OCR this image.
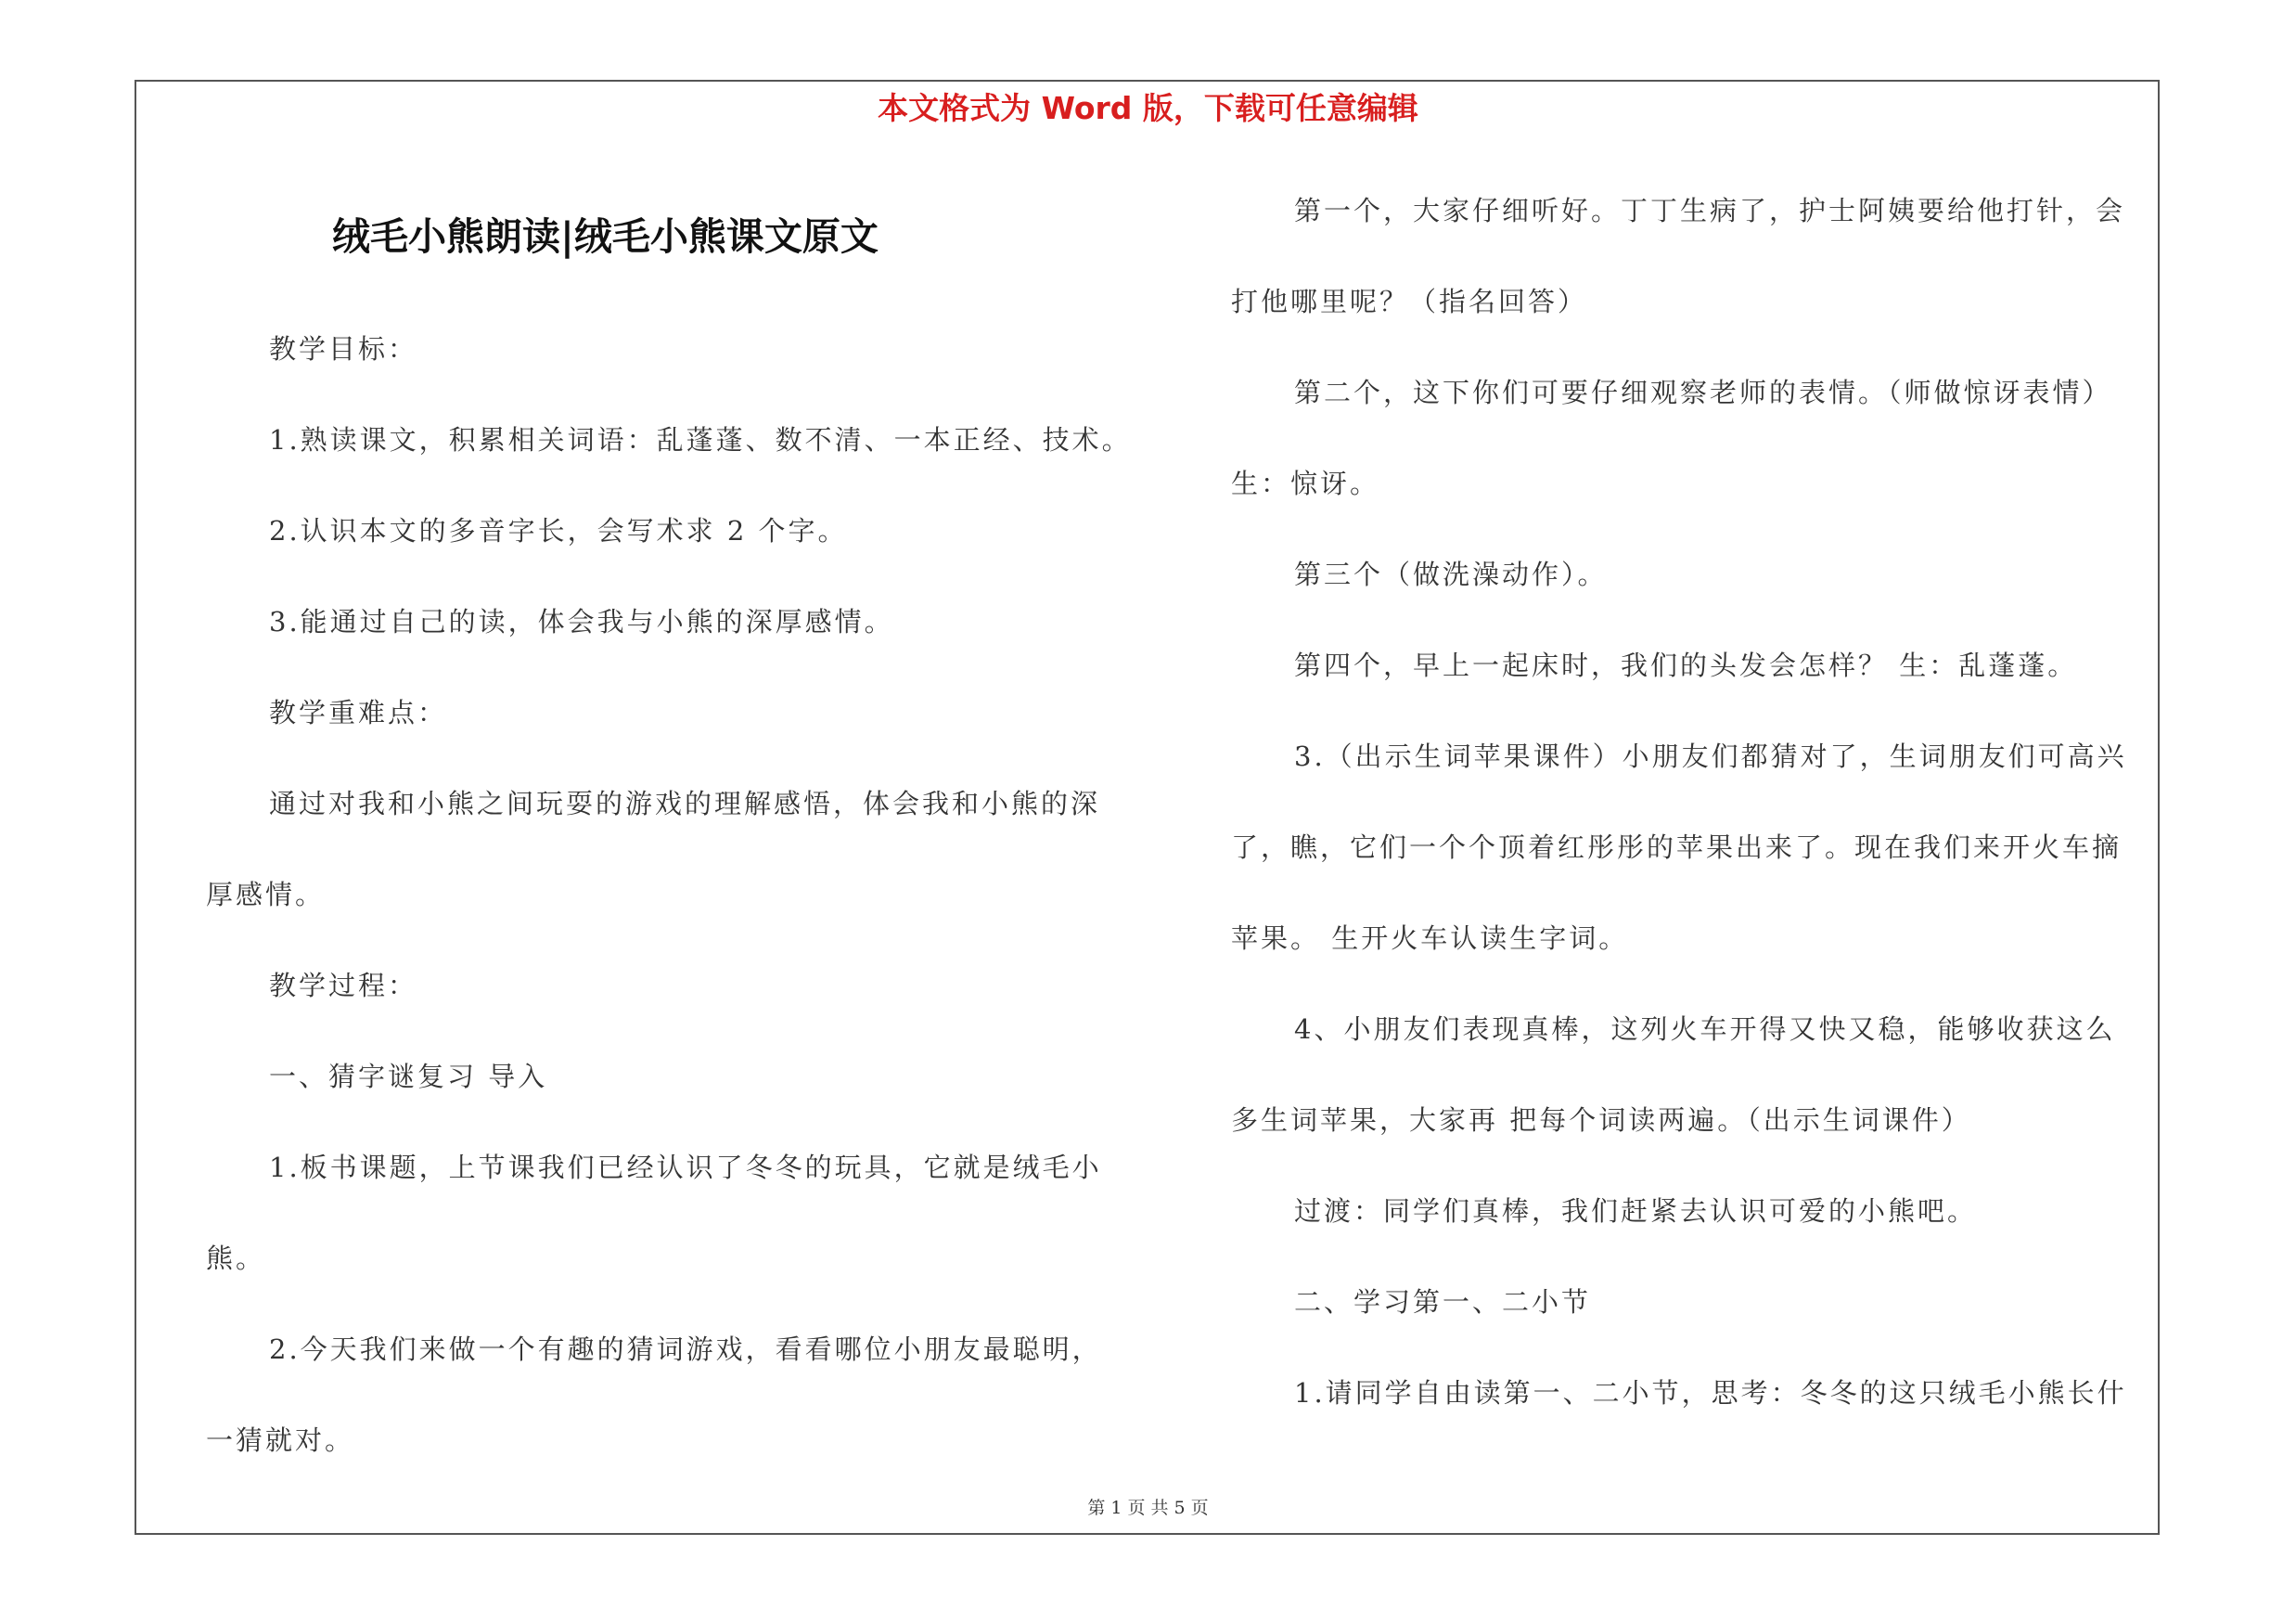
本文格式为 Word 版，下载可任意编辑
绒毛小熊朗读|绒毛小熊课文原文

教学目标：

1.熟读课文，积累相关词语：乱蓬蓬、数不清、一本正经、技术。

2.认识本文的多音字长，会写术求 2 个字。

3.能通过自己的读，体会我与小熊的深厚感情。

教学重难点：

通过对我和小熊之间玩耍的游戏的理解感悟，体会我和小熊的深

厚感情。

教学过程：

一、猜字谜复习 导入

1.板书课题，上节课我们已经认识了冬冬的玩具，它就是绒毛小

熊。

2.今天我们来做一个有趣的猜词游戏，看看哪位小朋友最聪明，

一猜就对。

第一个，大家仔细听好。丁丁生病了，护士阿姨要给他打针，会

打他哪里呢？（指名回答）

第二个，这下你们可要仔细观察老师的表情。（师做惊讶表情）

生：惊讶。

第三个（做洗澡动作）。

第四个，早上一起床时，我们的头发会怎样？ 生：乱蓬蓬。

3.（出示生词苹果课件）小朋友们都猜对了，生词朋友们可高兴

了，瞧，它们一个个顶着红彤彤的苹果出来了。现在我们来开火车摘

苹果。 生开火车认读生字词。

4、小朋友们表现真棒，这列火车开得又快又稳，能够收获这么

多生词苹果，大家再 把每个词读两遍。（出示生词课件）

过渡：同学们真棒，我们赶紧去认识可爱的小熊吧。

二、学习第一、二小节

1.请同学自由读第一、二小节，思考：冬冬的这只绒毛小熊长什

第 1 页 共 5 页
